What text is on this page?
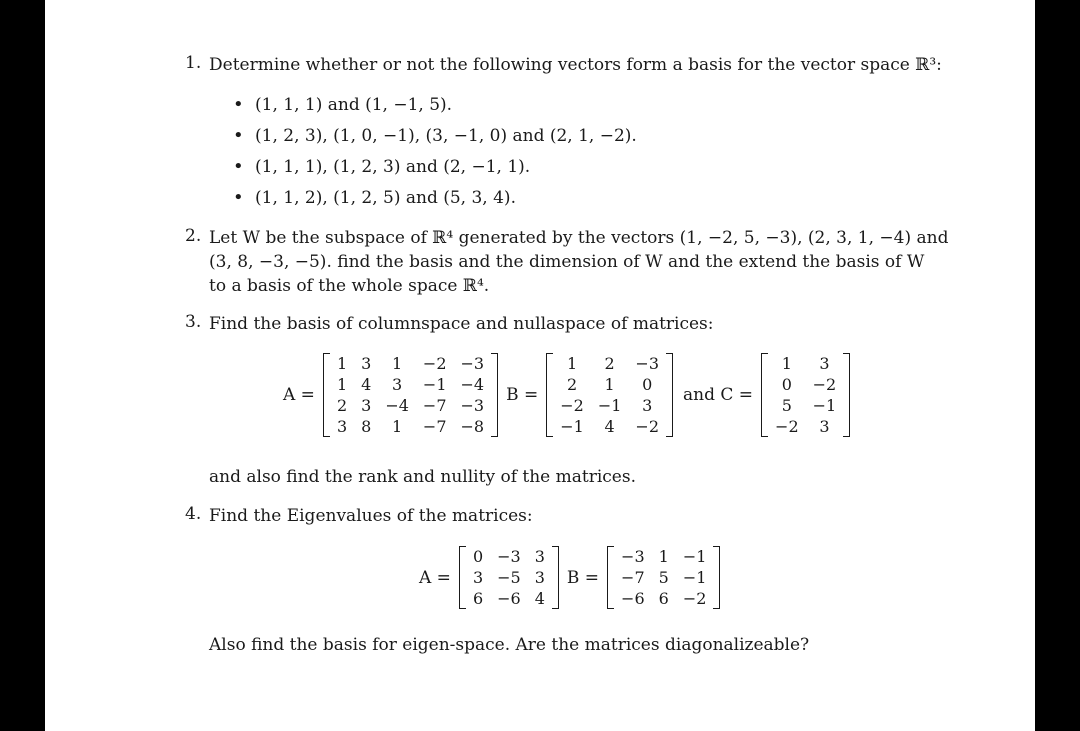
1. Determine whether or not the following vectors form a basis for the vector space ℝ³:
• (1, 1, 1) and (1, −1, 5).
• (1, 2, 3), (1, 0, −1), (3, −1, 0) and (2, 1, −2).
• (1, 1, 1), (1, 2, 3) and (2, −1, 1).
• (1, 1, 2), (1, 2, 5) and (5, 3, 4).
2. Let W be the subspace of ℝ⁴ generated by the vectors (1, −2, 5, −3), (2, 3, 1, −4) and
(3, 8, −3, −5). find the basis and the dimension of W and the extend the basis of W
to a basis of the whole space ℝ⁴.
3. Find the basis of columnspace and nullaspace of matrices:
A =
1	3	1	−2	−3
1	4	3	−1	−4
2	3	−4	−7	−3
3	8	1	−7	−8
B =
1	2	−3
2	1	0
−2	−1	3
−1	4	−2
and C =
1	3
0	−2
5	−1
−2	3
and also find the rank and nullity of the matrices.
4. Find the Eigenvalues of the matrices:
A =
0	−3	3
3	−5	3
6	−6	4
B =
−3	1	−1
−7	5	−1
−6	6	−2
Also find the basis for eigen-space. Are the matrices diagonalizeable?
